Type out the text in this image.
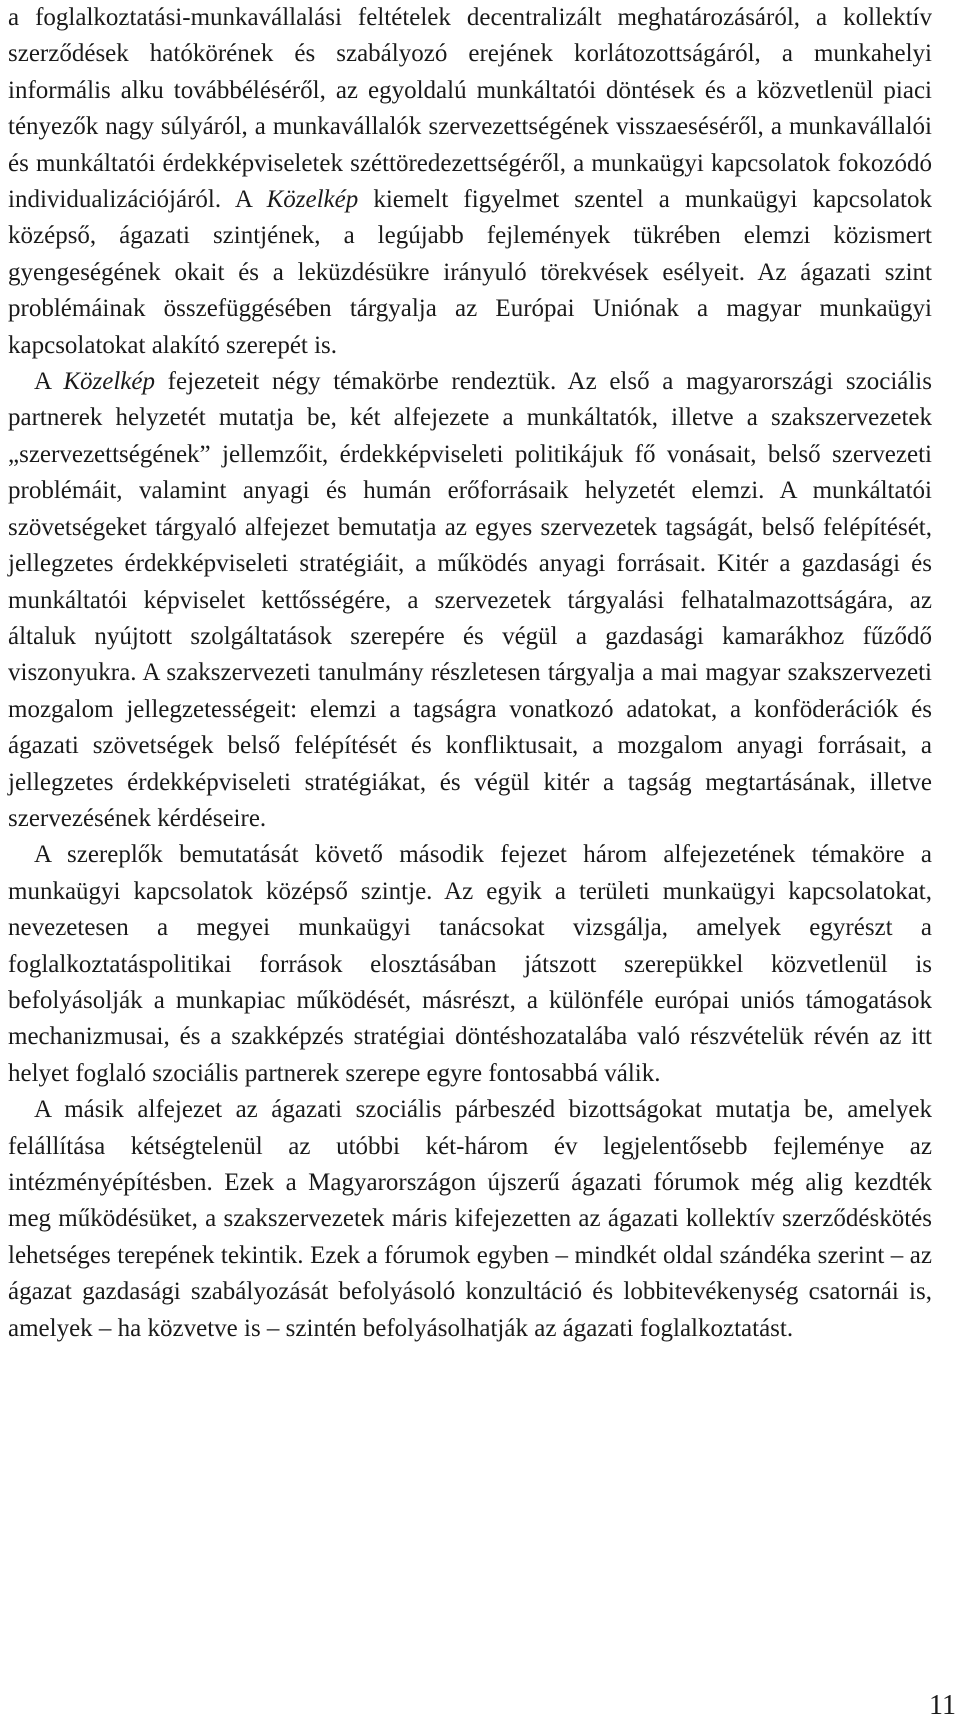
a foglalkoztatási-munkavállalási feltételek decentralizált meghatározásáról, a kollektív szerződések hatókörének és szabályozó erejének korlátozottságáról, a munkahelyi informális alku továbbéléséről, az egyoldalú munkáltatói döntések és a közvetlenül piaci tényezők nagy súlyáról, a munkavállalók szervezettségének visszaeséséről, a munkavállalói és munkáltatói érdekképviseletek széttöredezettségéről, a munkaügyi kapcsolatok fokozódó individualizációjáról. A Közelkép kiemelt figyelmet szentel a munkaügyi kapcsolatok középső, ágazati szintjének, a legújabb fejlemények tükrében elemzi közismert gyengeségének okait és a leküzdésükre irányuló törekvések esélyeit. Az ágazati szint problémáinak összefüggésében tárgyalja az Európai Uniónak a magyar munkaügyi kapcsolatokat alakító szerepét is.

A Közelkép fejezeteit négy témakörbe rendeztük. Az első a magyarországi szociális partnerek helyzetét mutatja be, két alfejezete a munkáltatók, illetve a szakszervezetek „szervezettségének” jellemzőit, érdekképviseleti politikájuk fő vonásait, belső szervezeti problémáit, valamint anyagi és humán erőforrásaik helyzetét elemzi. A munkáltatói szövetségeket tárgyaló alfejezet bemutatja az egyes szervezetek tagságát, belső felépítését, jellegzetes érdekképviseleti stratégiáit, a működés anyagi forrásait. Kitér a gazdasági és munkáltatói képviselet kettősségére, a szervezetek tárgyalási felhatalmazottságára, az általuk nyújtott szolgáltatások szerepére és végül a gazdasági kamarákhoz fűződő viszonyukra. A szakszervezeti tanulmány részletesen tárgyalja a mai magyar szakszervezeti mozgalom jellegzetességeit: elemzi a tagságra vonatkozó adatokat, a konföderációk és ágazati szövetségek belső felépítését és konfliktusait, a mozgalom anyagi forrásait, a jellegzetes érdekképviseleti stratégiákat, és végül kitér a tagság megtartásának, illetve szervezésének kérdéseire.

A szereplők bemutatását követő második fejezet három alfejezetének témaköre a munkaügyi kapcsolatok középső szintje. Az egyik a területi munkaügyi kapcsolatokat, nevezetesen a megyei munkaügyi tanácsokat vizsgálja, amelyek egyrészt a foglalkoztatáspolitikai források elosztásában játszott szerepükkel közvetlenül is befolyásolják a munkapiac működését, másrészt, a különféle európai uniós támogatások mechanizmusai, és a szakképzés stratégiai döntéshozatalába való részvételük révén az itt helyet foglaló szociális partnerek szerepe egyre fontosabbá válik.

A másik alfejezet az ágazati szociális párbeszéd bizottságokat mutatja be, amelyek felállítása kétségtelenül az utóbbi két-három év legjelentősebb fejleménye az intézményépítésben. Ezek a Magyarországon újszerű ágazati fórumok még alig kezdték meg működésüket, a szakszervezetek máris kifejezetten az ágazati kollektív szerződéskötés lehetséges terepének tekintik. Ezek a fórumok egyben – mindkét oldal szándéka szerint – az ágazat gazdasági szabályozását befolyásoló konzultáció és lobbitevékenység csatornái is, amelyek – ha közvetve is – szintén befolyásolhatják az ágazati foglalkoztatást.

11
